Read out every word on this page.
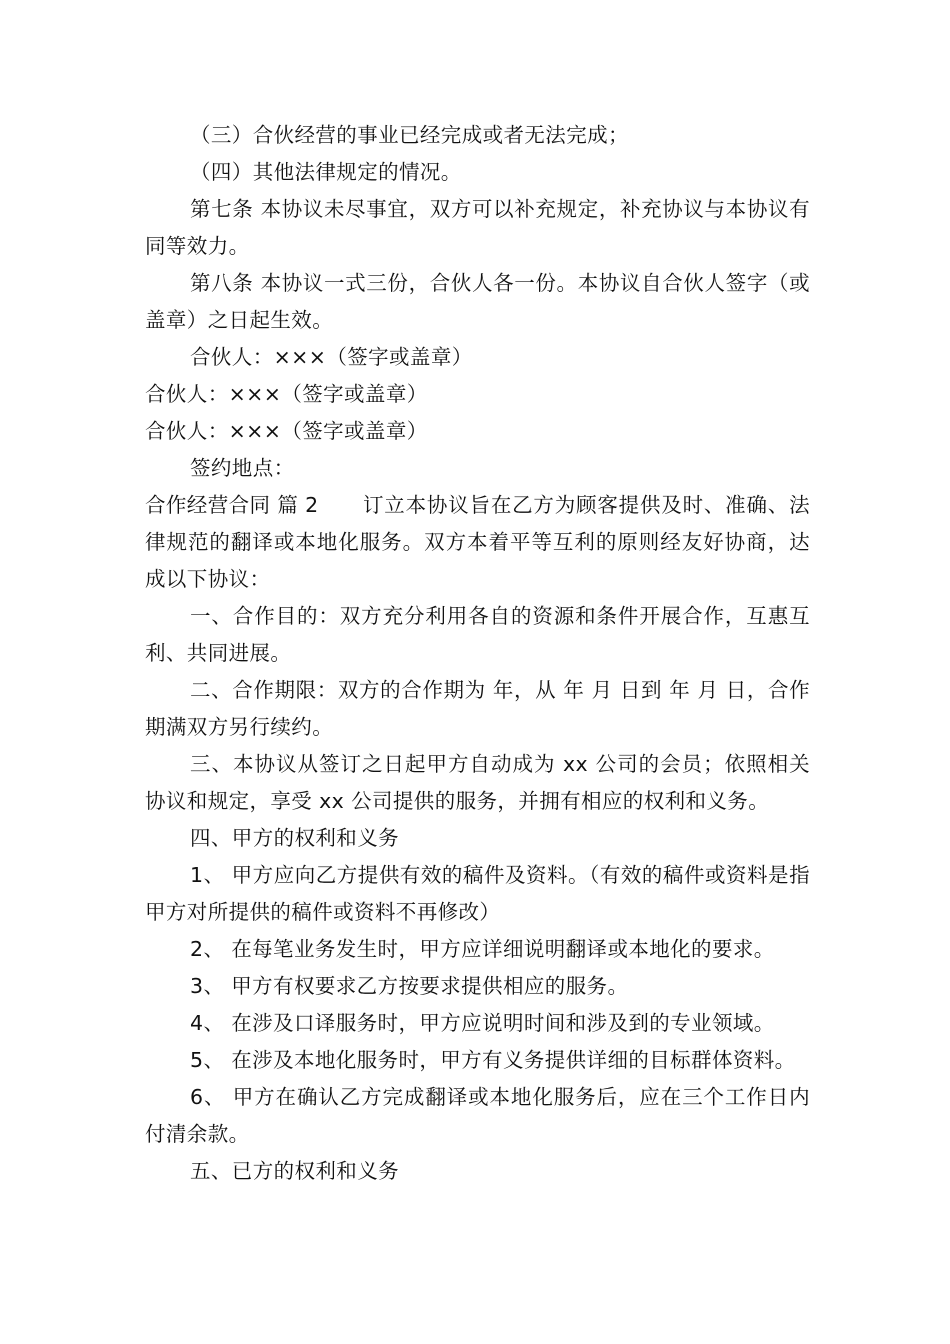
（三）合伙经营的事业已经完成或者无法完成；

（四）其他法律规定的情况。

第七条 本协议未尽事宜，双方可以补充规定，补充协议与本协议有同等效力。

第八条 本协议一式三份，合伙人各一份。本协议自合伙人签字（或盖章）之日起生效。

合伙人：×××（签字或盖章）

合伙人：×××（签字或盖章）

合伙人：×××（签字或盖章）

签约地点：

合作经营合同 篇 2 订立本协议旨在乙方为顾客提供及时、准确、法律规范的翻译或本地化服务。双方本着平等互利的原则经友好协商，达成以下协议：

一、合作目的：双方充分利用各自的资源和条件开展合作，互惠互利、共同进展。

二、合作期限：双方的合作期为 年，从 年 月 日到 年 月 日，合作期满双方另行续约。

三、本协议从签订之日起甲方自动成为 xx 公司的会员；依照相关协议和规定，享受 xx 公司提供的服务，并拥有相应的权利和义务。

四、甲方的权利和义务

1、 甲方应向乙方提供有效的稿件及资料。（有效的稿件或资料是指甲方对所提供的稿件或资料不再修改）

2、 在每笔业务发生时，甲方应详细说明翻译或本地化的要求。

3、 甲方有权要求乙方按要求提供相应的服务。

4、 在涉及口译服务时，甲方应说明时间和涉及到的专业领域。

5、 在涉及本地化服务时，甲方有义务提供详细的目标群体资料。

6、 甲方在确认乙方完成翻译或本地化服务后，应在三个工作日内付清余款。

五、已方的权利和义务
